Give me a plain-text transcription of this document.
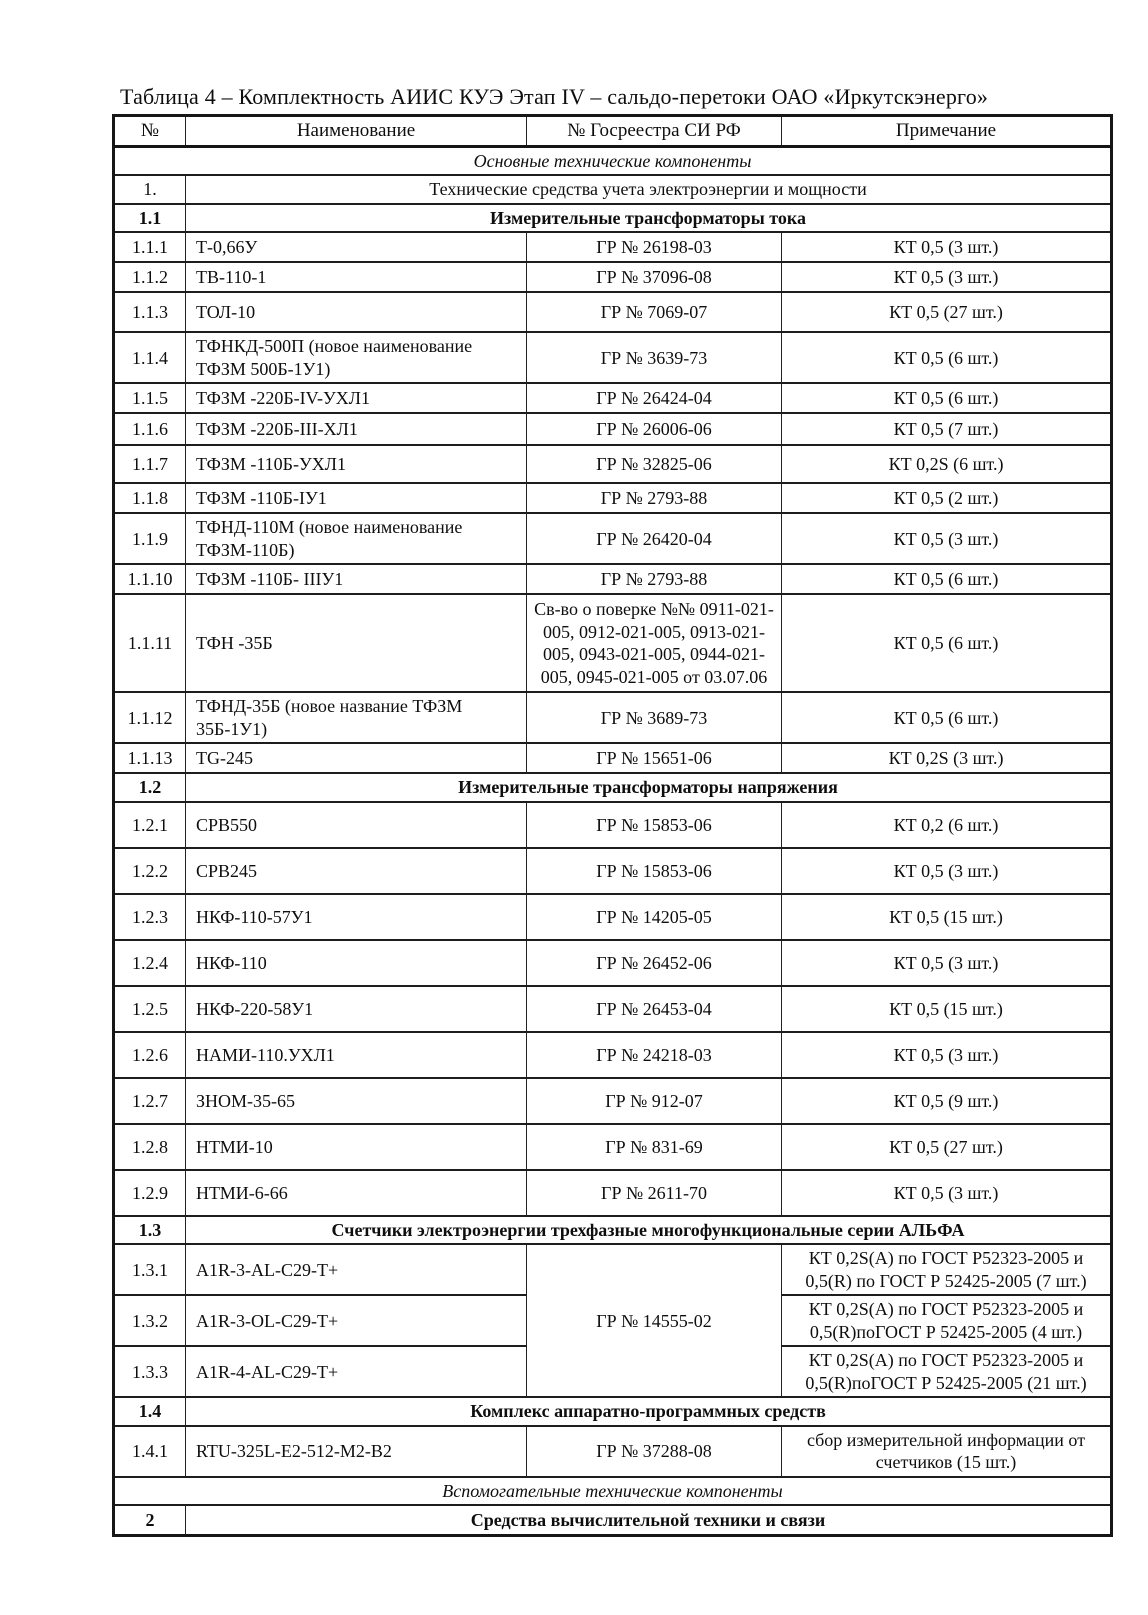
Таблица 4 – Комплектность АИИС КУЭ Этап IV – сальдо-перетоки ОАО «Иркутскэнерго»

№	Наименование	№ Госреестра СИ РФ	Примечание
Основные технические компоненты			
1.	Технические средства учета электроэнергии и мощности		
1.1	Измерительные трансформаторы тока		
1.1.1	Т-0,66У	ГР № 26198-03	КТ 0,5 (3 шт.)
1.1.2	ТВ-110-1	ГР № 37096-08	КТ 0,5 (3 шт.)
1.1.3	ТОЛ-10	ГР № 7069-07	КТ 0,5 (27 шт.)
1.1.4	ТФНКД-500П (новое наименование ТФЗМ 500Б-1У1)	ГР № 3639-73	КТ 0,5 (6 шт.)
1.1.5	ТФЗМ -220Б-IV-УХЛ1	ГР № 26424-04	КТ 0,5 (6 шт.)
1.1.6	ТФЗМ -220Б-III-ХЛ1	ГР № 26006-06	КТ 0,5 (7 шт.)
1.1.7	ТФЗМ -110Б-УХЛ1	ГР № 32825-06	КТ 0,2S (6 шт.)
1.1.8	ТФЗМ -110Б-IУ1	ГР № 2793-88	КТ 0,5 (2 шт.)
1.1.9	ТФНД-110М (новое наименование ТФЗМ-110Б)	ГР № 26420-04	КТ 0,5 (3 шт.)
1.1.10	ТФЗМ -110Б- IIIУ1	ГР № 2793-88	КТ 0,5 (6 шт.)
1.1.11	ТФН -35Б	Св-во о поверке №№ 0911-021-005, 0912-021-005, 0913-021-005, 0943-021-005, 0944-021-005, 0945-021-005 от 03.07.06	КТ 0,5 (6 шт.)
1.1.12	ТФНД-35Б (новое название ТФЗМ 35Б-1У1)	ГР № 3689-73	КТ 0,5 (6 шт.)
1.1.13	TG-245	ГР № 15651-06	КТ 0,2S (3 шт.)
1.2	Измерительные трансформаторы напряжения		
1.2.1	CPB550	ГР № 15853-06	КТ 0,2 (6 шт.)
1.2.2	CPB245	ГР № 15853-06	КТ 0,5 (3 шт.)
1.2.3	НКФ-110-57У1	ГР № 14205-05	КТ 0,5 (15 шт.)
1.2.4	НКФ-110	ГР № 26452-06	КТ 0,5 (3 шт.)
1.2.5	НКФ-220-58У1	ГР № 26453-04	КТ 0,5 (15 шт.)
1.2.6	НАМИ-110.УХЛ1	ГР № 24218-03	КТ 0,5 (3 шт.)
1.2.7	ЗНОМ-35-65	ГР № 912-07	КТ 0,5 (9 шт.)
1.2.8	НТМИ-10	ГР № 831-69	КТ 0,5 (27 шт.)
1.2.9	НТМИ-6-66	ГР № 2611-70	КТ 0,5 (3 шт.)
1.3	Счетчики электроэнергии трехфазные многофункциональные серии АЛЬФА		
1.3.1	A1R-3-AL-C29-T+	ГР № 14555-02	КТ 0,2S(A) по ГОСТ Р52323-2005 и 0,5(R) по ГОСТ Р 52425-2005 (7 шт.)
1.3.2	A1R-3-OL-C29-T+		КТ 0,2S(A) по ГОСТ Р52323-2005 и 0,5(R)поГОСТ Р 52425-2005 (4 шт.)
1.3.3	A1R-4-AL-C29-T+		КТ 0,2S(A) по ГОСТ Р52323-2005 и 0,5(R)поГОСТ Р 52425-2005 (21 шт.)
1.4	Комплекс аппаратно-программных средств		
1.4.1	RTU-325L-E2-512-M2-B2	ГР № 37288-08	сбор измерительной информации от счетчиков (15 шт.)
Вспомогательные технические компоненты			
2	Средства вычислительной техники и связи		
